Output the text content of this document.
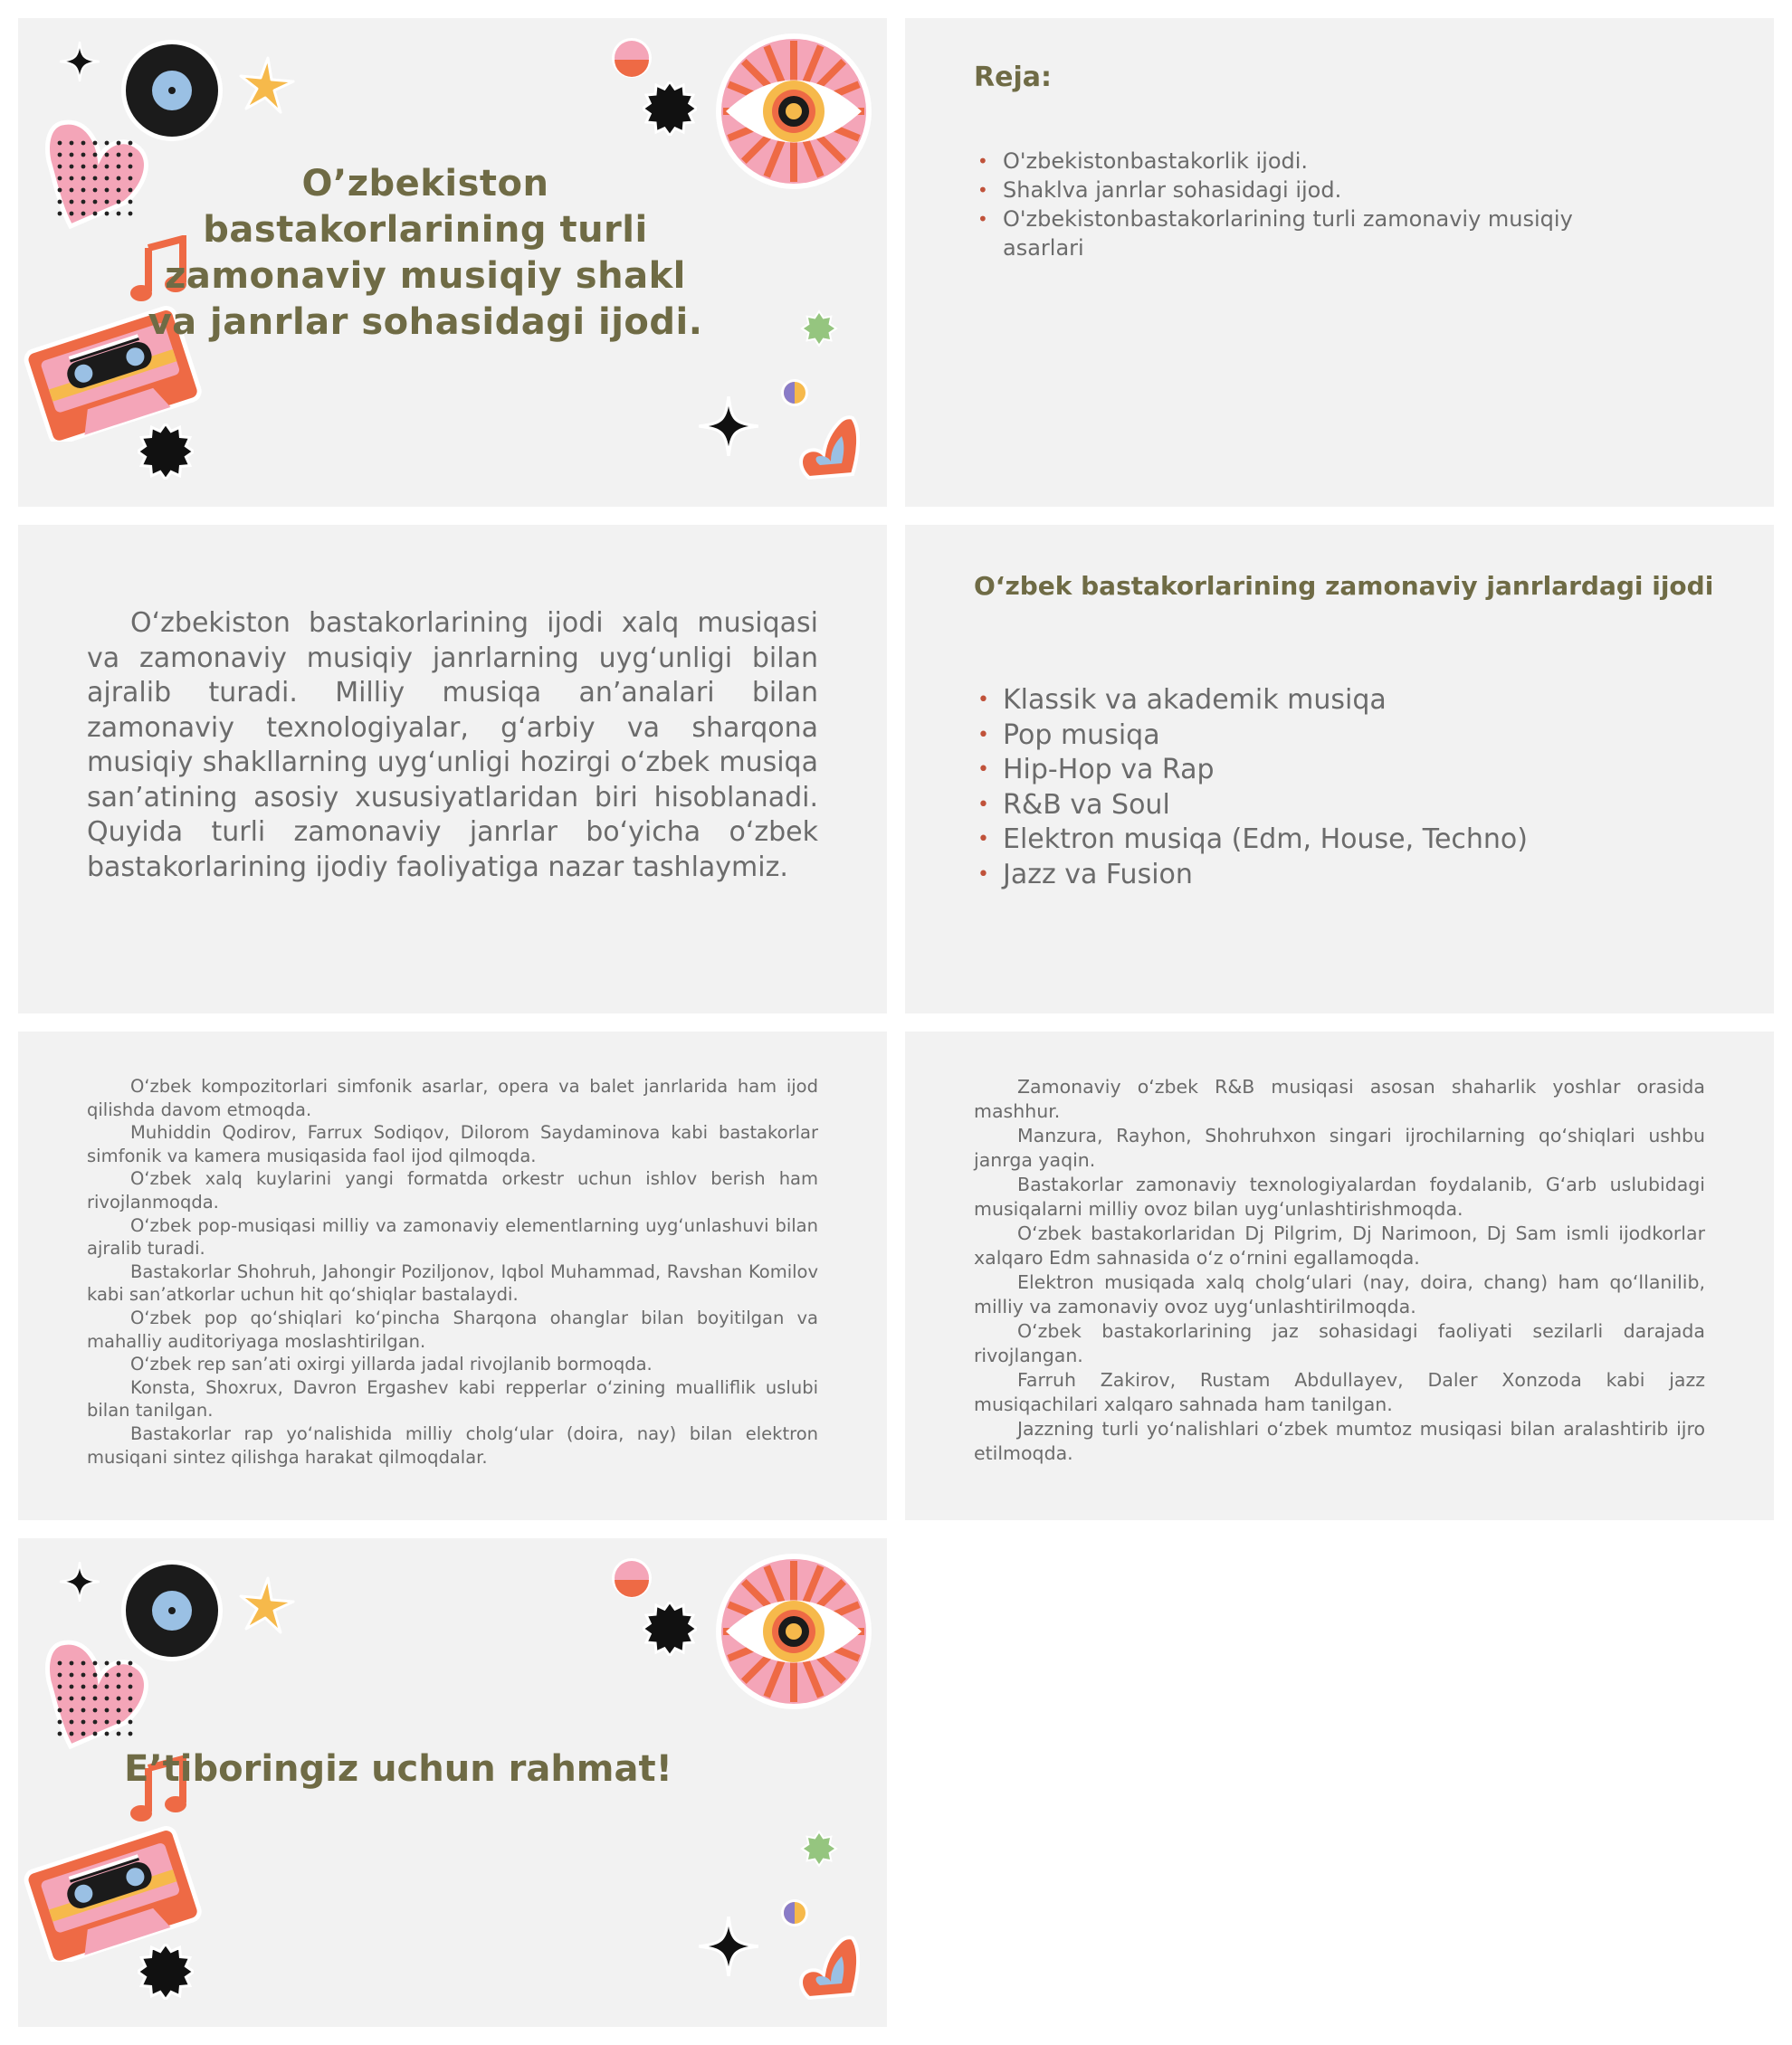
O’zbekiston bastakorlarining turli zamonaviy musiqiy shakl va janrlar sohasidagi ijodi.
Reja:
• O'zbekistonbastakorlik ijodi.
• Shaklva janrlar sohasidagi ijod.
• O'zbekistonbastakorlarining turli zamonaviy musiqiy asarlari

O‘zbekiston bastakorlarining ijodi xalq musiqasi va zamonaviy musiqiy janrlarning uyg‘unligi bilan ajralib turadi. Milliy musiqa an’analari bilan zamonaviy texnologiyalar, g‘arbiy va sharqona musiqiy shakllarning uyg‘unligi hozirgi o‘zbek musiqa san’atining asosiy xususiyatlaridan biri hisoblanadi. Quyida turli zamonaviy janrlar bo‘yicha o‘zbek bastakorlarining ijodiy faoliyatiga nazar tashlaymiz.

O‘zbek bastakorlarining zamonaviy janrlardagi ijodi
• Klassik va akademik musiqa
• Pop musiqa
• Hip-Hop va Rap
• R&B va Soul
• Elektron musiqa (Edm, House, Techno)
• Jazz va Fusion

O‘zbek kompozitorlari simfonik asarlar, opera va balet janrlarida ham ijod qilishda davom etmoqda.

Muhiddin Qodirov, Farrux Sodiqov, Dilorom Saydaminova kabi bastakorlar simfonik va kamera musiqasida faol ijod qilmoqda.

O‘zbek xalq kuylarini yangi formatda orkestr uchun ishlov berish ham rivojlanmoqda.

O‘zbek pop-musiqasi milliy va zamonaviy elementlarning uyg‘unlashuvi bilan ajralib turadi.

Bastakorlar Shohruh, Jahongir Poziljonov, Iqbol Muhammad, Ravshan Komilov kabi san’atkorlar uchun hit qo‘shiqlar bastalaydi.

O‘zbek pop qo‘shiqlari ko‘pincha Sharqona ohanglar bilan boyitilgan va mahalliy auditoriyaga moslashtirilgan.

O‘zbek rep san’ati oxirgi yillarda jadal rivojlanib bormoqda.

Konsta, Shoxrux, Davron Ergashev kabi repperlar o‘zining mualliflik uslubi bilan tanilgan.

Bastakorlar rap yo‘nalishida milliy cholg‘ular (doira, nay) bilan elektron musiqani sintez qilishga harakat qilmoqdalar.

Zamonaviy o‘zbek R&B musiqasi asosan shaharlik yoshlar orasida mashhur.

Manzura, Rayhon, Shohruhxon singari ijrochilarning qo‘shiqlari ushbu janrga yaqin.

Bastakorlar zamonaviy texnologiyalardan foydalanib, G‘arb uslubidagi musiqalarni milliy ovoz bilan uyg‘unlashtirishmoqda.

O‘zbek bastakorlaridan Dj Pilgrim, Dj Narimoon, Dj Sam ismli ijodkorlar xalqaro Edm sahnasida o‘z o‘rnini egallamoqda.

Elektron musiqada xalq cholg‘ulari (nay, doira, chang) ham qo‘llanilib, milliy va zamonaviy ovoz uyg‘unlashtirilmoqda.

O‘zbek bastakorlarining jaz sohasidagi faoliyati sezilarli darajada rivojlangan.

Farruh Zakirov, Rustam Abdullayev, Daler Xonzoda kabi jazz musiqachilari xalqaro sahnada ham tanilgan.

Jazzning turli yo‘nalishlari o‘zbek mumtoz musiqasi bilan aralashtirib ijro etilmoqda.

E’tiboringiz uchun rahmat!
